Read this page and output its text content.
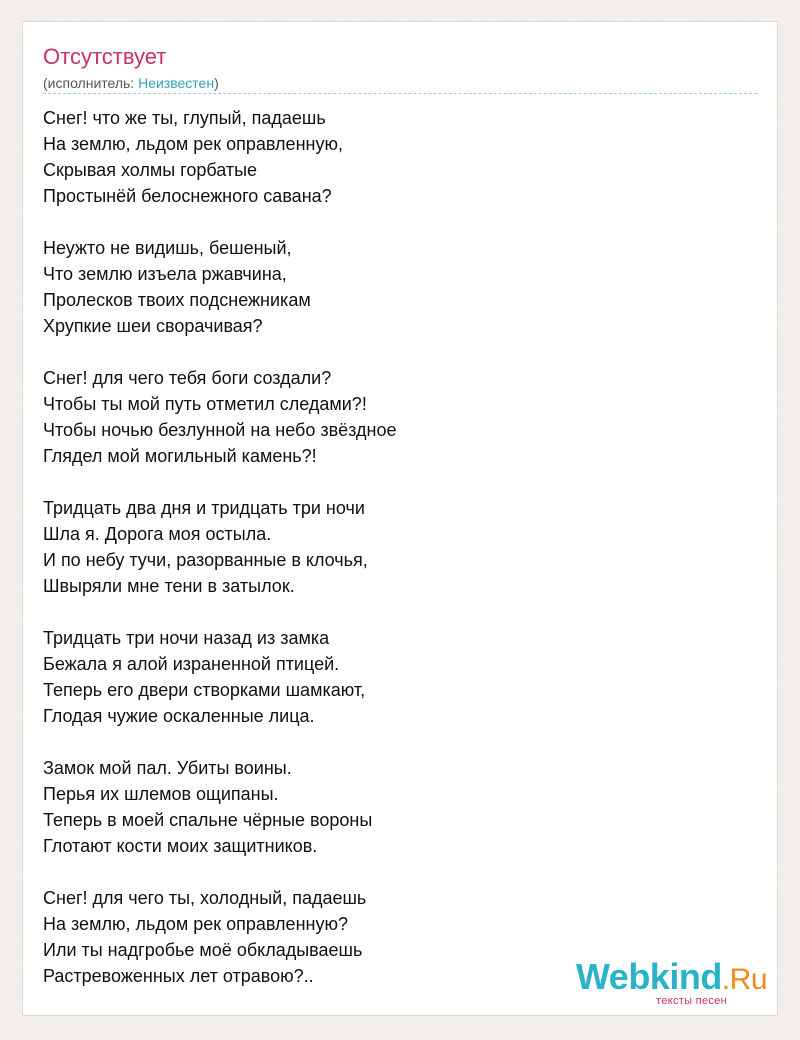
Отсутствует
(исполнитель: Неизвестен)
Снег! что же ты, глупый, падаешь
На землю, льдом рек оправленную,
Скрывая холмы горбатые
Простынёй белоснежного савана?
Неужто не видишь, бешеный,
Что землю изъела ржавчина,
Пролесков твоих подснежникам
Хрупкие шеи сворачивая?
Снег! для чего тебя боги создали?
Чтобы ты мой путь отметил следами?!
Чтобы ночью безлунной на небо звёздное
Глядел мой могильный камень?!
Тридцать два дня и тридцать три ночи
Шла я. Дорога моя остыла.
И по небу тучи, разорванные в клочья,
Швыряли мне тени в затылок.
Тридцать три ночи назад из замка
Бежала я алой израненной птицей.
Теперь его двери створками шамкают,
Глодая чужие оскаленные лица.
Замок мой пал. Убиты воины.
Перья их шлемов ощипаны.
Теперь в моей спальне чёрные вороны
Глотают кости моих защитников.
Снег! для чего ты, холодный, падаешь
На землю, льдом рек оправленную?
Или ты надгробье моё обкладываешь
Растревоженных лет отравою?..	Webkind.Ru
тексты песен
